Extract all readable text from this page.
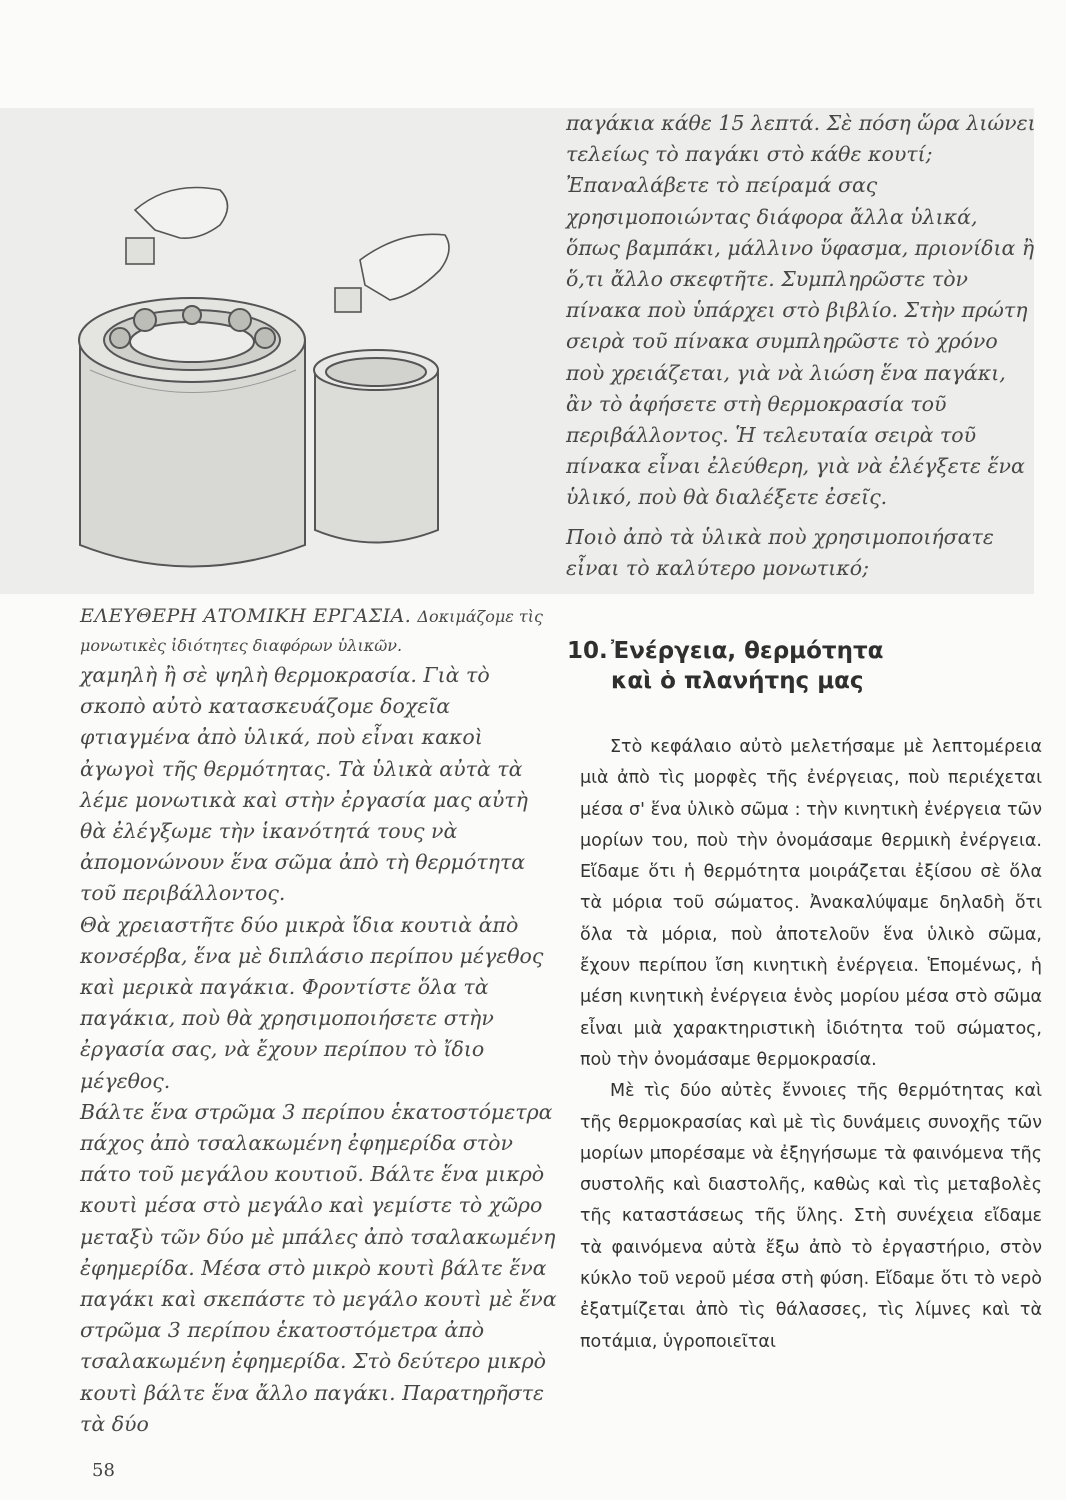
παγάκια κάθε 15 λεπτά. Σὲ πόση ὥρα λιώνει τελείως τὸ παγάκι στὸ κάθε κουτί; Ἐπαναλάβετε τὸ πείραμά σας χρησιμοποιώντας διάφορα ἄλλα ὑλικά, ὅπως βαμπάκι, μάλλινο ὕφασμα, πριονίδια ἢ ὅ,τι ἄλλο σκεφτῆτε. Συμπληρῶστε τὸν πίνακα ποὺ ὑπάρχει στὸ βιβλίο. Στὴν πρώτη σειρὰ τοῦ πίνακα συμπληρῶστε τὸ χρόνο ποὺ χρειάζεται, γιὰ νὰ λιώση ἕνα παγάκι, ἂν τὸ ἀφήσετε στὴ θερμοκρασία τοῦ περιβάλλοντος. Ἡ τελευταία σειρὰ τοῦ πίνακα εἶναι ἐλεύθερη, γιὰ νὰ ἐλέγξετε ἕνα ὑλικό, ποὺ θὰ διαλέξετε ἐσεῖς.

Ποιὸ ἀπὸ τὰ ὑλικὰ ποὺ χρησιμοποιήσατε εἶναι τὸ καλύτερο μονωτικό;

ΕΛΕΥΘΕΡΗ ΑΤΟΜΙΚΗ ΕΡΓΑΣΙΑ. Δοκιμάζομε τὶς μονωτικὲς ἰδιότητες διαφόρων ὑλικῶν.

χαμηλὴ ἢ σὲ ψηλὴ θερμοκρασία. Γιὰ τὸ σκοπὸ αὐτὸ κατασκευάζομε δοχεῖα φτιαγμένα ἀπὸ ὑλικά, ποὺ εἶναι κακοὶ ἀγωγοὶ τῆς θερμότητας. Τὰ ὑλικὰ αὐτὰ τὰ λέμε μονωτικὰ καὶ στὴν ἐργασία μας αὐτὴ θὰ ἐλέγξωμε τὴν ἱκανότητά τους νὰ ἀπομονώνουν ἕνα σῶμα ἀπὸ τὴ θερμότητα τοῦ περιβάλλοντος.

Θὰ χρειαστῆτε δύο μικρὰ ἴδια κουτιὰ ἀπὸ κονσέρβα, ἕνα μὲ διπλάσιο περίπου μέγεθος καὶ μερικὰ παγάκια. Φροντίστε ὅλα τὰ παγάκια, ποὺ θὰ χρησιμοποιήσετε στὴν ἐργασία σας, νὰ ἔχουν περίπου τὸ ἴδιο μέγεθος.

Βάλτε ἕνα στρῶμα 3 περίπου ἑκατοστόμετρα πάχος ἀπὸ τσαλακωμένη ἐφημερίδα στὸν πάτο τοῦ μεγάλου κουτιοῦ. Βάλτε ἕνα μικρὸ κουτὶ μέσα στὸ μεγάλο καὶ γεμίστε τὸ χῶρο μεταξὺ τῶν δύο μὲ μπάλες ἀπὸ τσαλακωμένη ἐφημερίδα. Μέσα στὸ μικρὸ κουτὶ βάλτε ἕνα παγάκι καὶ σκεπάστε τὸ μεγάλο κουτὶ μὲ ἕνα στρῶμα 3 περίπου ἑκατοστόμετρα ἀπὸ τσαλακωμένη ἐφημερίδα. Στὸ δεύτερο μικρὸ κουτὶ βάλτε ἕνα ἄλλο παγάκι. Παρατηρῆστε τὰ δύο

10. Ἐνέργεια, θερμότητα
καὶ ὁ πλανήτης μας

Στὸ κεφάλαιο αὐτὸ μελετήσαμε μὲ λεπτομέρεια μιὰ ἀπὸ τὶς μορφὲς τῆς ἐνέργειας, ποὺ περιέχεται μέσα σ' ἕνα ὑλικὸ σῶμα : τὴν κινητικὴ ἐνέργεια τῶν μορίων του, ποὺ τὴν ὀνομάσαμε θερμικὴ ἐνέργεια. Εἴδαμε ὅτι ἡ θερμότητα μοιράζεται ἐξίσου σὲ ὅλα τὰ μόρια τοῦ σώματος. Ἀνακαλύψαμε δηλαδὴ ὅτι ὅλα τὰ μόρια, ποὺ ἀποτελοῦν ἕνα ὑλικὸ σῶμα, ἔχουν περίπου ἴση κινητικὴ ἐνέργεια. Ἑπομένως, ἡ μέση κινητικὴ ἐνέργεια ἑνὸς μορίου μέσα στὸ σῶμα εἶναι μιὰ χαρακτηριστικὴ ἰδιότητα τοῦ σώματος, ποὺ τὴν ὀνομάσαμε θερμοκρασία.

Μὲ τὶς δύο αὐτὲς ἔννοιες τῆς θερμότητας καὶ τῆς θερμοκρασίας καὶ μὲ τὶς δυνάμεις συνοχῆς τῶν μορίων μπορέσαμε νὰ ἐξηγήσωμε τὰ φαινόμενα τῆς συστολῆς καὶ διαστολῆς, καθὼς καὶ τὶς μεταβολὲς τῆς καταστάσεως τῆς ὕλης. Στὴ συνέχεια εἴδαμε τὰ φαινόμενα αὐτὰ ἔξω ἀπὸ τὸ ἐργαστήριο, στὸν κύκλο τοῦ νεροῦ μέσα στὴ φύση. Εἴδαμε ὅτι τὸ νερὸ ἐξατμίζεται ἀπὸ τὶς θάλασσες, τὶς λίμνες καὶ τὰ ποτάμια, ὑγροποιεῖται

58
